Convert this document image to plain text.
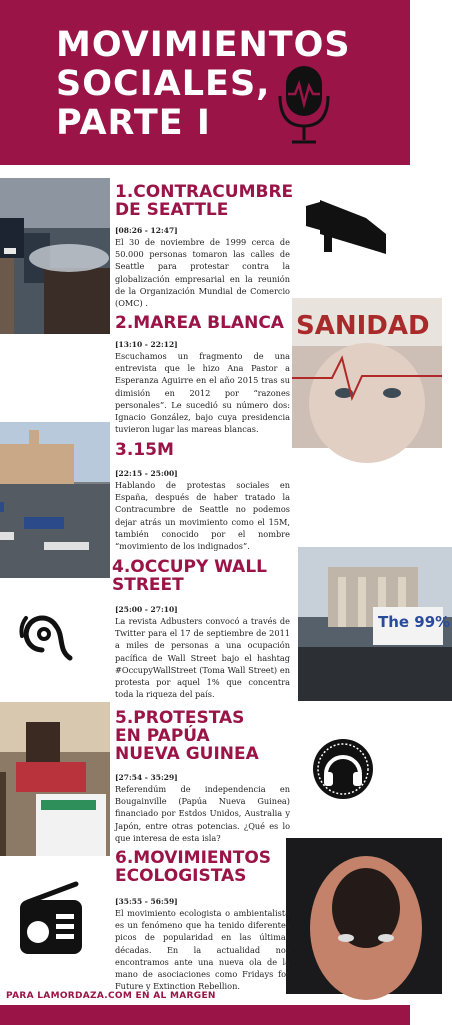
MOVIMIENTOS
SOCIALES,
PARTE I
SANIDAD
The 99%
1.CONTRACUMBRE DE SEATTLE
[08:26 - 12:47]

El 30 de noviembre de 1999 cerca de 50.000 personas tomaron las calles de Seattle para protestar contra la globalización empresarial en la reunión de la Organización Mundial de Comercio (OMC) .

2.MAREA BLANCA
[13:10 - 22:12]

Escuchamos un fragmento de una entrevista que le hizo Ana Pastor a Esperanza Aguirre en el año 2015 tras su dimisión en 2012 por “razones personales”. Le sucedió su número dos: Ignacio González, bajo cuya presidencia tuvieron lugar las mareas blancas.

3.15M
[22:15 - 25:00]

Hablando de protestas sociales en España, después de haber tratado la Contracumbre de Seattle no podemos dejar atrás un movimiento como el 15M, también conocido por el nombre “movimiento de los indignados”.

4.OCCUPY WALL STREET
[25:00 - 27:10]

La revista Adbusters convocó a través de Twitter para el 17 de septiembre de 2011 a miles de personas a una ocupación pacífica de Wall Street bajo el hashtag #OccupyWallStreet (Toma Wall Street) en protesta por aquel 1% que concentra toda la riqueza del país.

5.PROTESTAS EN PAPÚA NUEVA GUINEA
[27:54 - 35:29]

Referendúm de independencia en Bougainville (Papúa Nueva Guinea) financiado por Estdos Unidos, Australia y Japón, entre otras potencias. ¿Qué es lo que interesa de esta isla?

6.MOVIMIENTOS ECOLOGISTAS
[35:55 - 56:59]

El movimiento ecologista o ambientalista es un fenómeno que ha tenido diferentes picos de popularidad en las últimas décadas. En la actualidad nos encontramos ante una nueva ola de la mano de asociaciones como Fridays for Future y Extinction Rebellion.

PARA LAMORDAZA.COM EN AL MARGEN
